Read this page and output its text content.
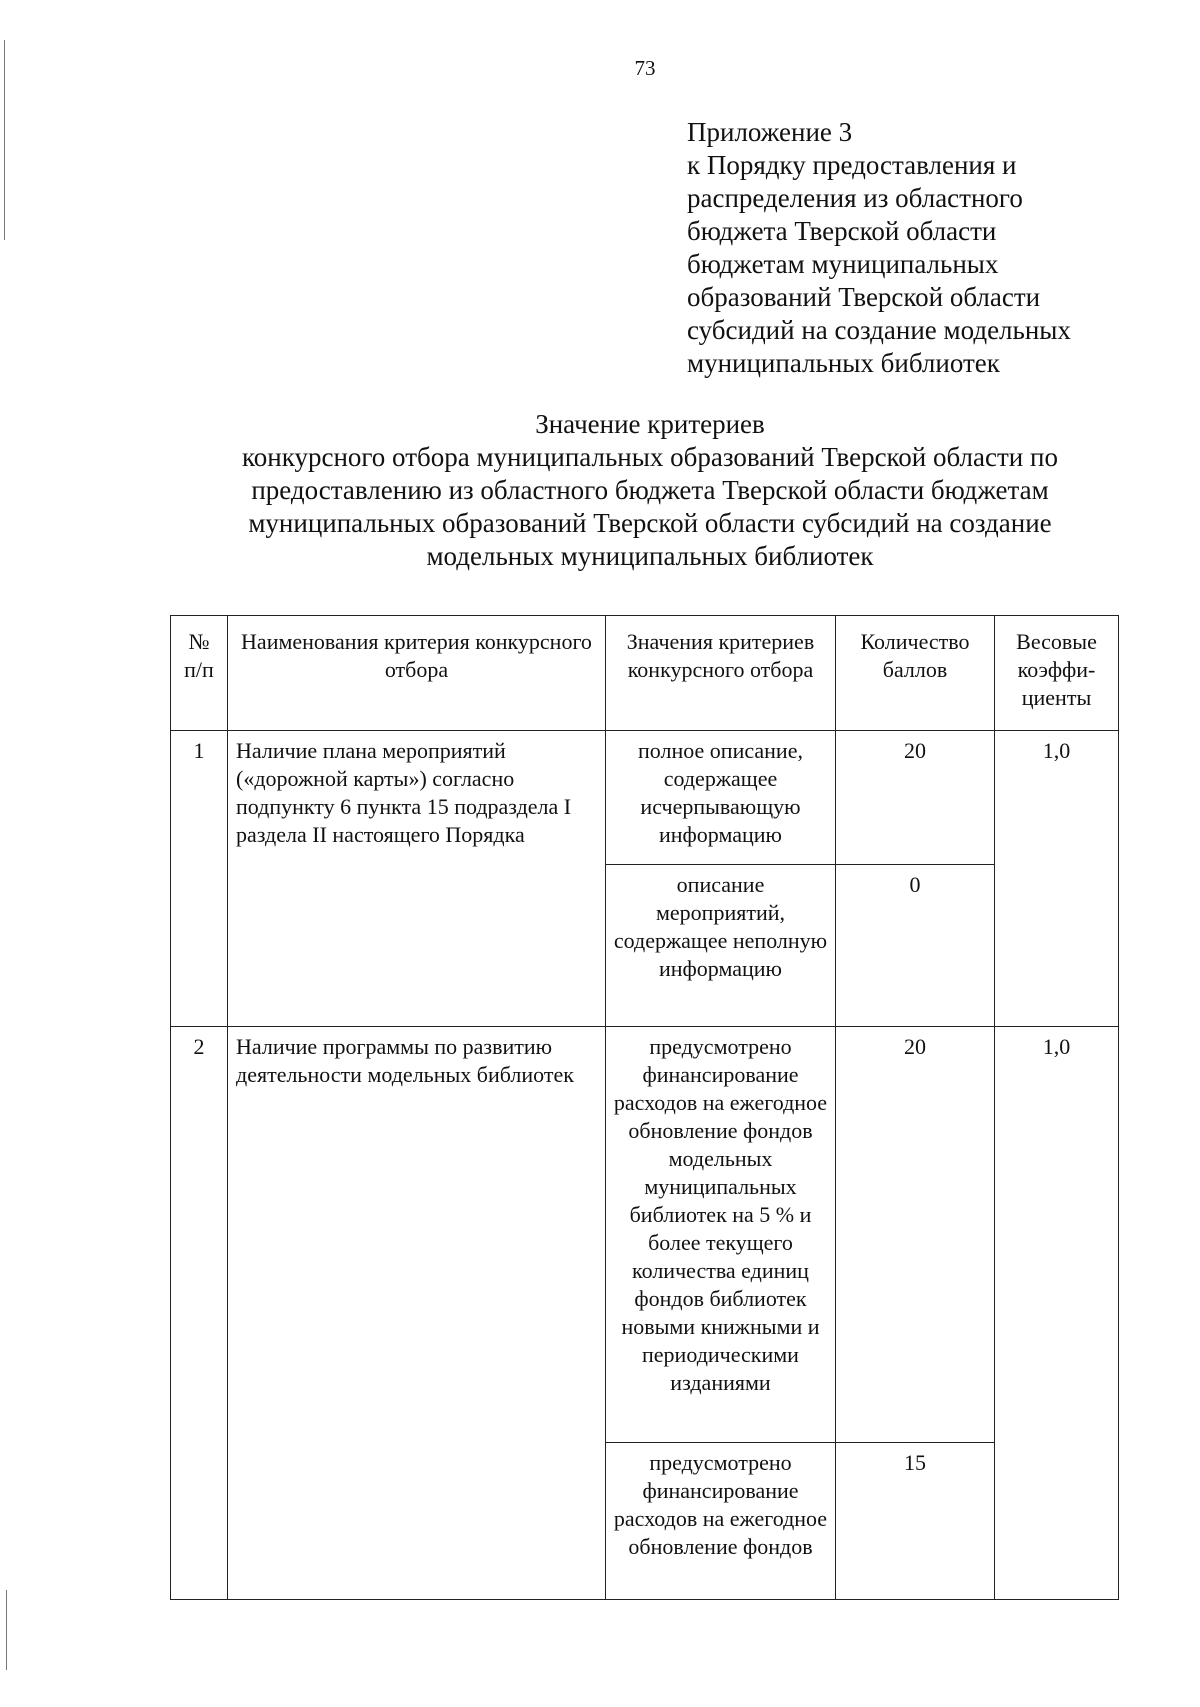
73
Приложение 3
к Порядку предоставления и
распределения из областного
бюджета Тверской области
бюджетам муниципальных
образований Тверской области
субсидий на создание модельных
муниципальных библиотек
Значение критериев
конкурсного отбора муниципальных образований Тверской области по
предоставлению из областного бюджета Тверской области бюджетам
муниципальных образований Тверской области субсидий на создание
модельных муниципальных библиотек
№ п/п	Наименования критерия конкурсного отбора	Значения критериев конкурсного отбора	Количество баллов	Весовые коэффи-циенты
1	Наличие плана мероприятий («дорожной карты») согласно подпункту 6 пункта 15 подраздела I раздела II настоящего Порядка	полное описание, содержащее исчерпывающую информацию	20	1,0
		описание мероприятий, содержащее неполную информацию	0	
2	Наличие программы по развитию деятельности модельных библиотек	предусмотрено финансирование расходов на ежегодное обновление фондов модельных муниципальных библиотек на 5 % и более текущего количества единиц фондов библиотек новыми книжными и периодическими изданиями	20	1,0
		предусмотрено финансирование расходов на ежегодное обновление фондов	15	
